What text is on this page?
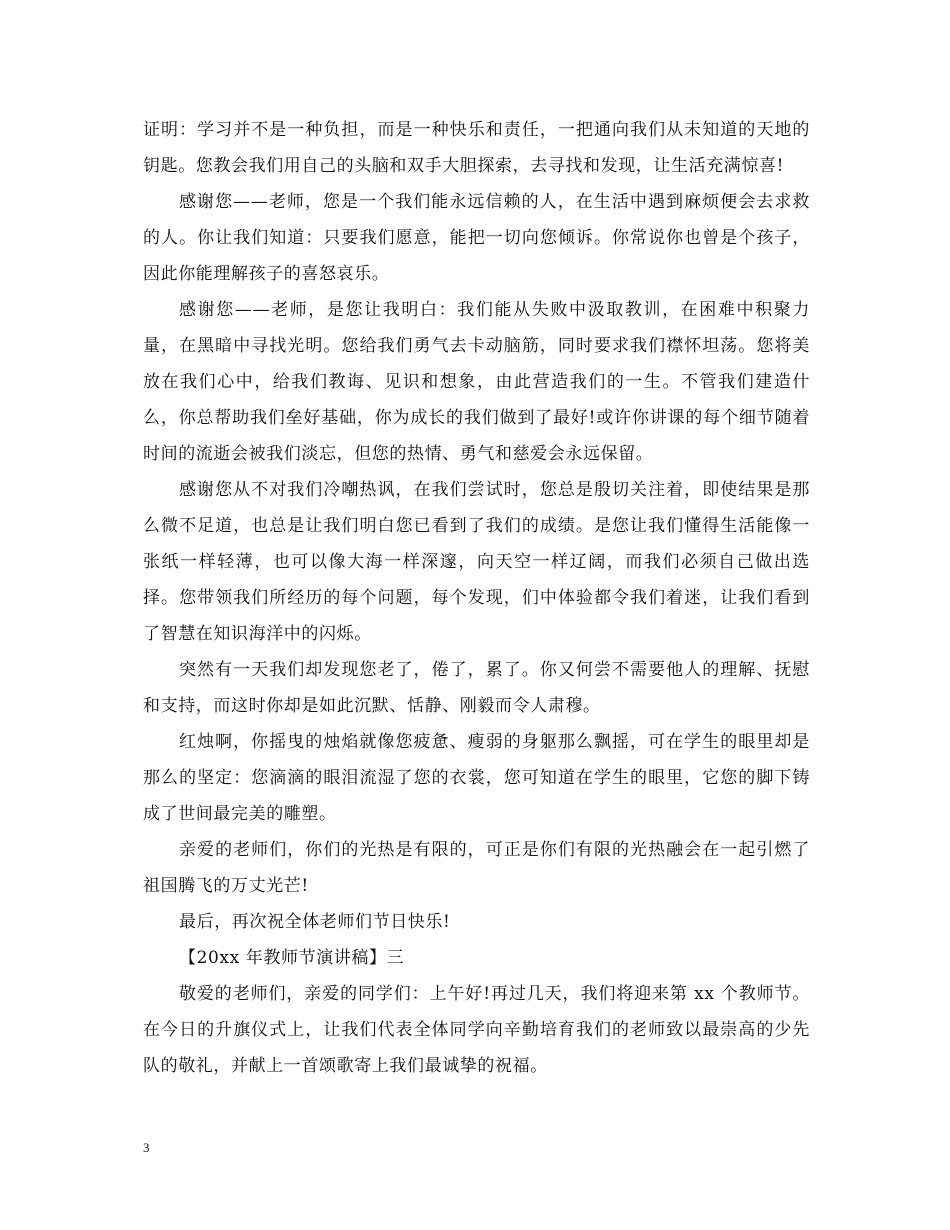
证明：学习并不是一种负担，而是一种快乐和责任，一把通向我们从未知道的天地的钥匙。您教会我们用自己的头脑和双手大胆探索，去寻找和发现，让生活充满惊喜!

感谢您——老师，您是一个我们能永远信赖的人，在生活中遇到麻烦便会去求救的人。你让我们知道：只要我们愿意，能把一切向您倾诉。你常说你也曾是个孩子，因此你能理解孩子的喜怒哀乐。

感谢您——老师，是您让我明白：我们能从失败中汲取教训，在困难中积聚力量，在黑暗中寻找光明。您给我们勇气去卡动脑筋，同时要求我们襟怀坦荡。您将美放在我们心中，给我们教诲、见识和想象，由此营造我们的一生。不管我们建造什么，你总帮助我们垒好基础，你为成长的我们做到了最好!或许你讲课的每个细节随着时间的流逝会被我们淡忘，但您的热情、勇气和慈爱会永远保留。

感谢您从不对我们冷嘲热讽，在我们尝试时，您总是殷切关注着，即使结果是那么微不足道，也总是让我们明白您已看到了我们的成绩。是您让我们懂得生活能像一张纸一样轻薄，也可以像大海一样深邃，向天空一样辽阔，而我们必须自己做出选择。您带领我们所经历的每个问题，每个发现，们中体验都令我们着迷，让我们看到了智慧在知识海洋中的闪烁。

突然有一天我们却发现您老了，倦了，累了。你又何尝不需要他人的理解、抚慰和支持，而这时你却是如此沉默、恬静、刚毅而令人肃穆。

红烛啊，你摇曳的烛焰就像您疲惫、瘦弱的身躯那么飘摇，可在学生的眼里却是那么的坚定：您滴滴的眼泪流湿了您的衣裳，您可知道在学生的眼里，它您的脚下铸成了世间最完美的雕塑。

亲爱的老师们，你们的光热是有限的，可正是你们有限的光热融会在一起引燃了祖国腾飞的万丈光芒!

最后，再次祝全体老师们节日快乐!

【20xx 年教师节演讲稿】三

敬爱的老师们，亲爱的同学们：上午好!再过几天，我们将迎来第 xx 个教师节。在今日的升旗仪式上，让我们代表全体同学向辛勤培育我们的老师致以最崇高的少先队的敬礼，并献上一首颂歌寄上我们最诚挚的祝福。

3
